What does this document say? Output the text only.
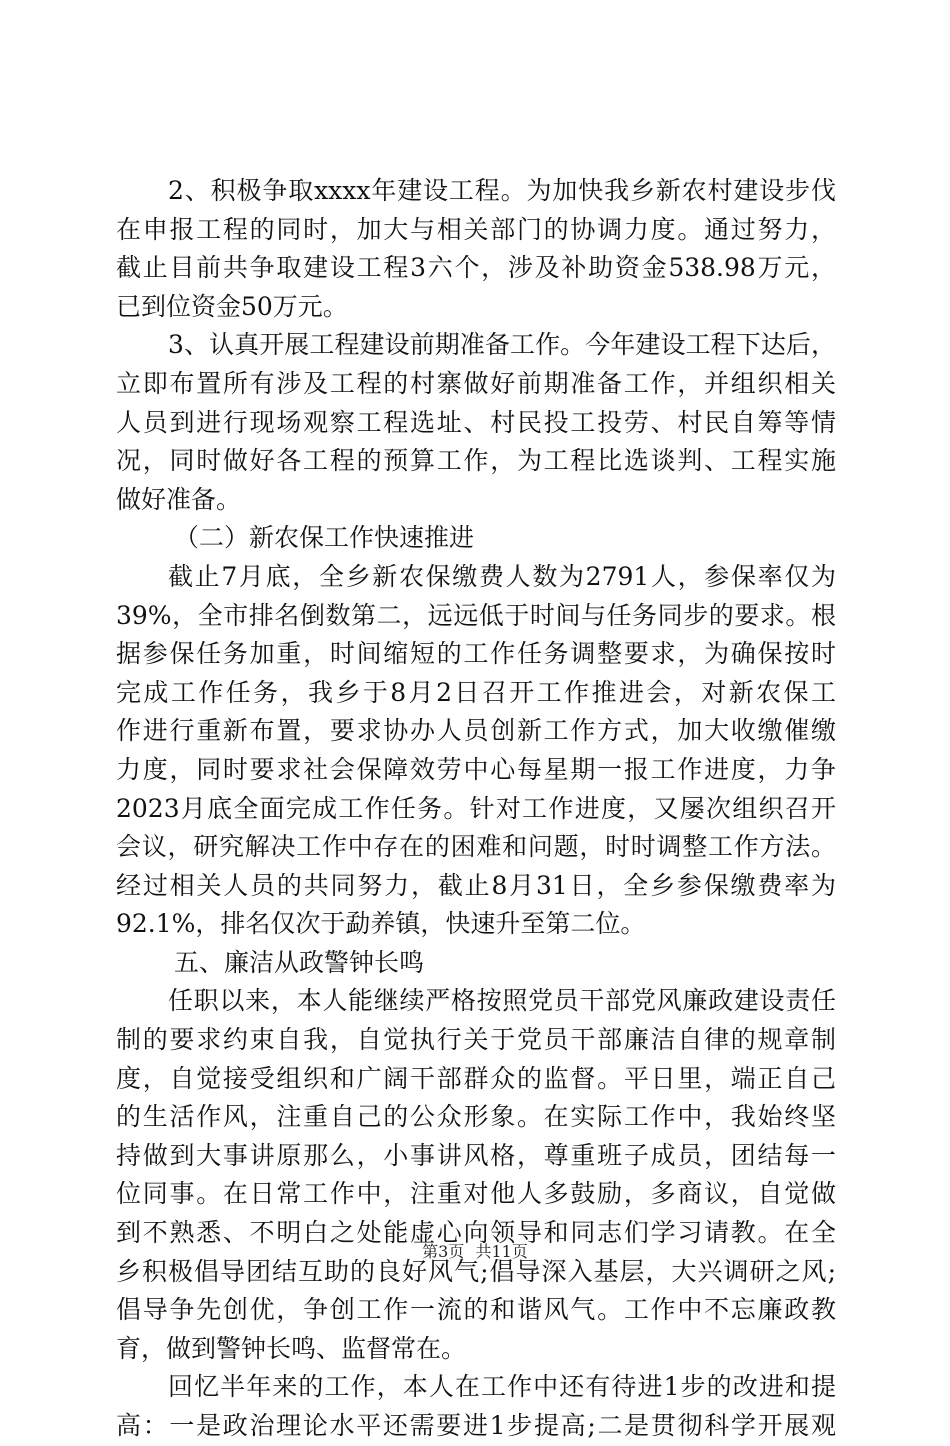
2、积极争取xxxx年建设工程。为加快我乡新农村建设步伐
在申报工程的同时，加大与相关部门的协调力度。通过努力，
截止目前共争取建设工程3六个，涉及补助资金538.98万元，
已到位资金50万元。
3、认真开展工程建设前期准备工作。今年建设工程下达后，
立即布置所有涉及工程的村寨做好前期准备工作，并组织相关
人员到进行现场观察工程选址、村民投工投劳、村民自筹等情
况，同时做好各工程的预算工作，为工程比选谈判、工程实施
做好准备。
（二）新农保工作快速推进
截止7月底，全乡新农保缴费人数为2791人，参保率仅为
39%，全市排名倒数第二，远远低于时间与任务同步的要求。根
据参保任务加重，时间缩短的工作任务调整要求，为确保按时
完成工作任务，我乡于8月2日召开工作推进会，对新农保工
作进行重新布置，要求协办人员创新工作方式，加大收缴催缴
力度，同时要求社会保障效劳中心每星期一报工作进度，力争
2023月底全面完成工作任务。针对工作进度，又屡次组织召开
会议，研究解决工作中存在的困难和问题，时时调整工作方法。
经过相关人员的共同努力，截止8月31日，全乡参保缴费率为
92.1%，排名仅次于勐养镇，快速升至第二位。
五、廉洁从政警钟长鸣
任职以来，本人能继续严格按照党员干部党风廉政建设责任
制的要求约束自我，自觉执行关于党员干部廉洁自律的规章制
度，自觉接受组织和广阔干部群众的监督。平日里，端正自己
的生活作风，注重自己的公众形象。在实际工作中，我始终坚
持做到大事讲原那么，小事讲风格，尊重班子成员，团结每一
位同事。在日常工作中，注重对他人多鼓励，多商议，自觉做
到不熟悉、不明白之处能虚心向领导和同志们学习请教。在全
乡积极倡导团结互助的良好风气;倡导深入基层，大兴调研之风;
倡导争先创优，争创工作一流的和谐风气。工作中不忘廉政教
育，做到警钟长鸣、监督常在。
回忆半年来的工作，本人在工作中还有待进1步的改进和提
高：一是政治理论水平还需要进1步提高;二是贯彻科学开展观
第3页 共11页
